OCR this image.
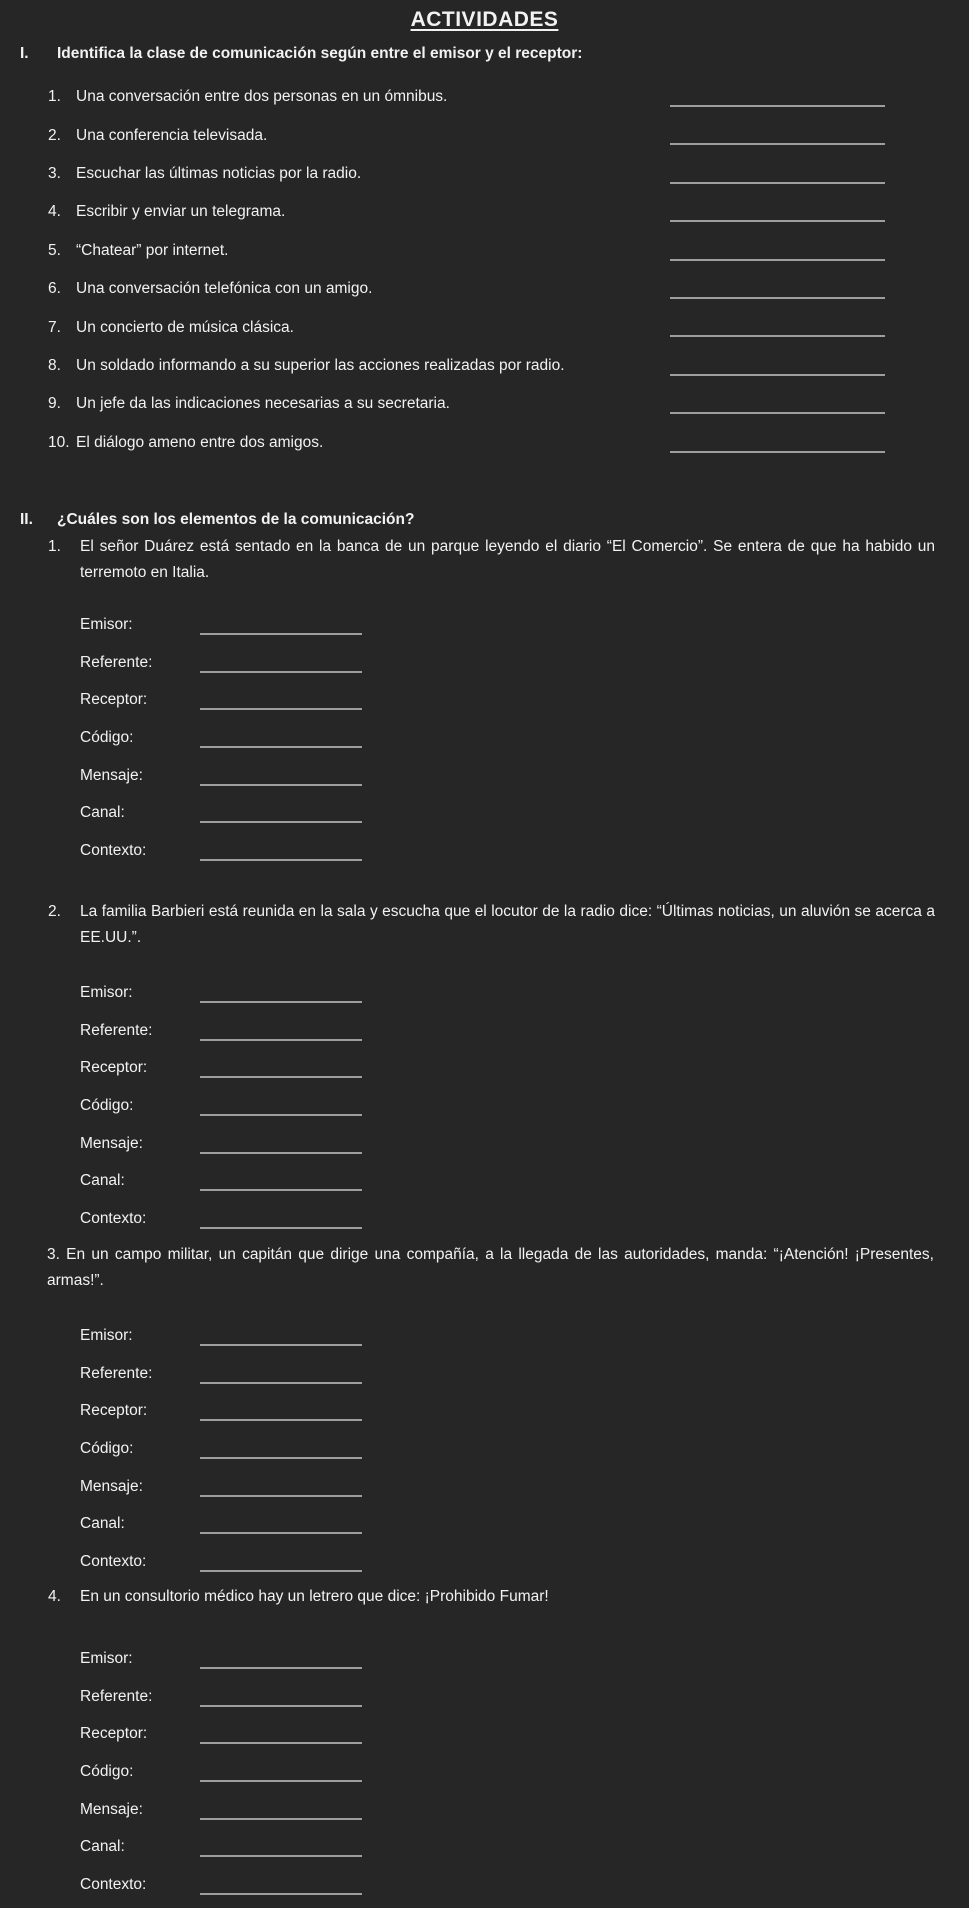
ACTIVIDADES
I. Identifica la clase de comunicación según entre el emisor y el receptor:
1. Una conversación entre dos personas en un ómnibus.
2. Una conferencia televisada.
3. Escuchar las últimas noticias por la radio.
4. Escribir y enviar un telegrama.
5. “Chatear” por internet.
6. Una conversación telefónica con un amigo.
7. Un concierto de música clásica.
8. Un soldado informando a su superior las acciones realizadas por radio.
9. Un jefe da las indicaciones necesarias a su secretaria.
10. El diálogo ameno entre dos amigos.
II. ¿Cuáles son los elementos de la comunicación?
1. El señor Duárez está sentado en la banca de un parque leyendo el diario “El Comercio”. Se entera de que ha habido un terremoto en Italia.
Emisor:
Referente:
Receptor:
Código:
Mensaje:
Canal:
Contexto:
2. La familia Barbieri está reunida en la sala y escucha que el locutor de la radio dice: “Últimas noticias, un aluvión se acerca a EE.UU.”.
Emisor:
Referente:
Receptor:
Código:
Mensaje:
Canal:
Contexto:
3. En un campo militar, un capitán que dirige una compañía, a la llegada de las autoridades, manda: “¡Atención! ¡Presentes, armas!”.
Emisor:
Referente:
Receptor:
Código:
Mensaje:
Canal:
Contexto:
4. En un consultorio médico hay un letrero que dice: ¡Prohibido Fumar!
Emisor:
Referente:
Receptor:
Código:
Mensaje:
Canal:
Contexto:
